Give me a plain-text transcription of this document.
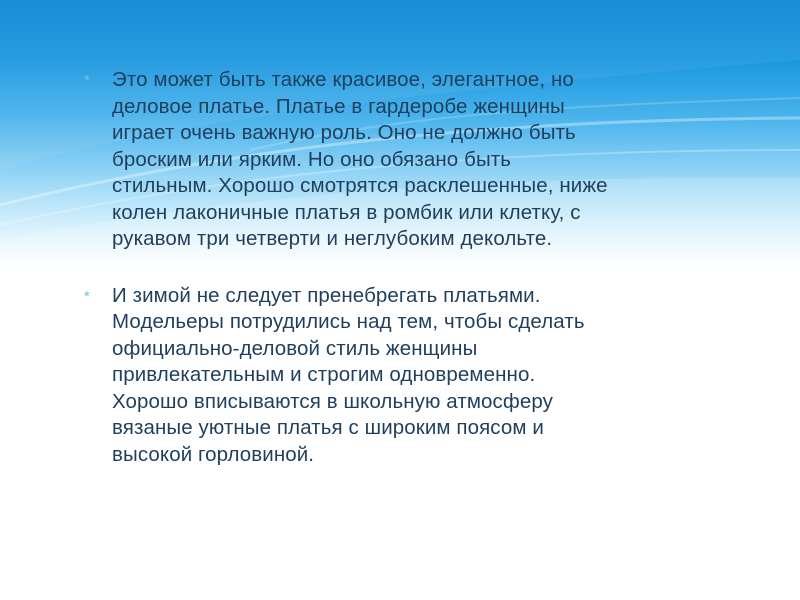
* Это может быть также красивое, элегантное, но
деловое платье. Платье в гардеробе женщины
играет очень важную роль. Оно не должно быть
броским или ярким. Но оно обязано быть
стильным. Хорошо смотрятся расклешенные, ниже
колен лаконичные платья в ромбик или клетку, с
рукавом три четверти и неглубоким декольте.
* И зимой не следует пренебрегать платьями.
Модельеры потрудились над тем, чтобы сделать
официально-деловой стиль женщины
привлекательным и строгим одновременно.
Хорошо вписываются в школьную атмосферу
вязаные уютные платья с широким поясом и
высокой горловиной.
